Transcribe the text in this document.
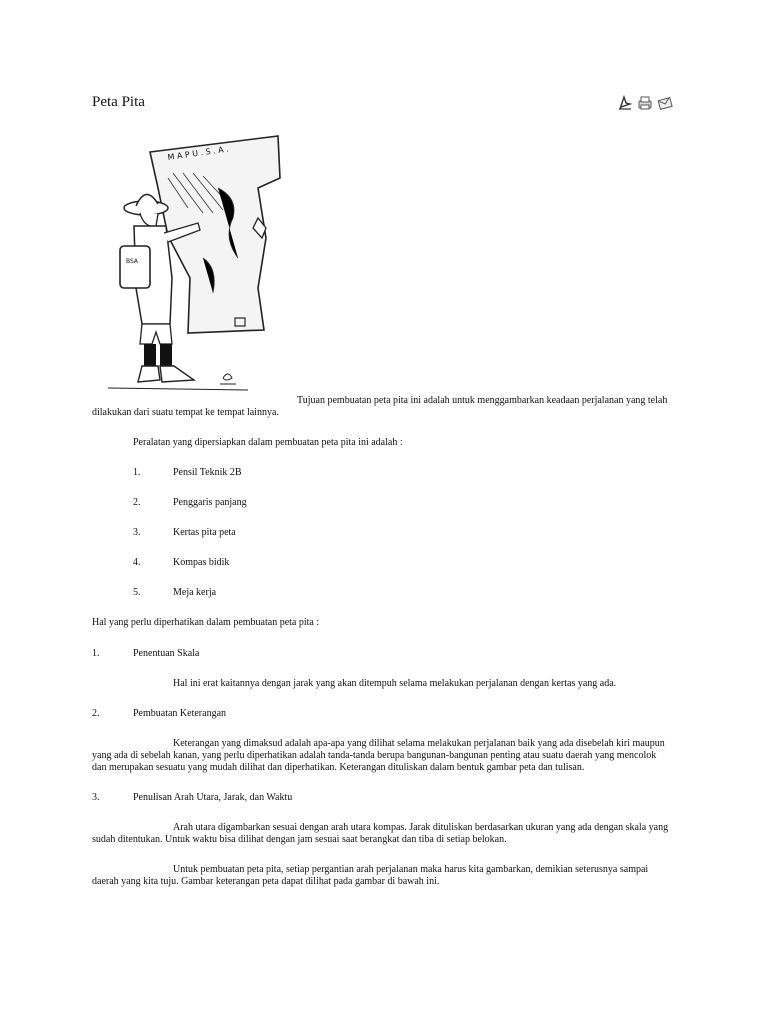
Peta Pita
M A P U . S . A .
BSA
Tujuan pembuatan peta pita ini adalah untuk menggambarkan keadaan perjalanan yang telah
dilakukan dari suatu tempat ke tempat lainnya.
Peralatan yang dipersiapkan dalam pembuatan peta pita ini adalah :
1.	Pensil Teknik 2B
2.	Penggaris panjang
3.	Kertas pita peta
4.	Kompas bidik
5.	Meja kerja
Hal yang perlu diperhatikan dalam pembuatan peta pita :
1.	Penentuan Skala
Hal ini erat kaitannya dengan jarak yang akan ditempuh selama melakukan perjalanan dengan kertas yang ada.
2.	Pembuatan Keterangan
Keterangan yang dimaksud adalah apa-apa yang dilihat selama melakukan perjalanan baik yang ada disebelah kiri maupun
yang ada di sebelah kanan, yang perlu diperhatikan adalah tanda-tanda berupa bangunan-bangunan penting atau suatu daerah yang mencolok
dan merupakan sesuatu yang mudah dilihat dan diperhatikan. Keterangan dituliskan dalam bentuk gambar peta dan tulisan.
3.	Penulisan Arah Utara, Jarak, dan Waktu
Arah utara digambarkan sesuai dengan arah utara kompas. Jarak dituliskan berdasarkan ukuran yang ada dengan skala yang
sudah ditentukan. Untuk waktu bisa dilihat dengan jam sesuai saat berangkat dan tiba di setiap belokan.
Untuk pembuatan peta pita, setiap pergantian arah perjalanan maka harus kita gambarkan, demikian seterusnya sampai
daerah yang kita tuju. Gambar keterangan peta dapat dilihat pada gambar di bawah ini.
